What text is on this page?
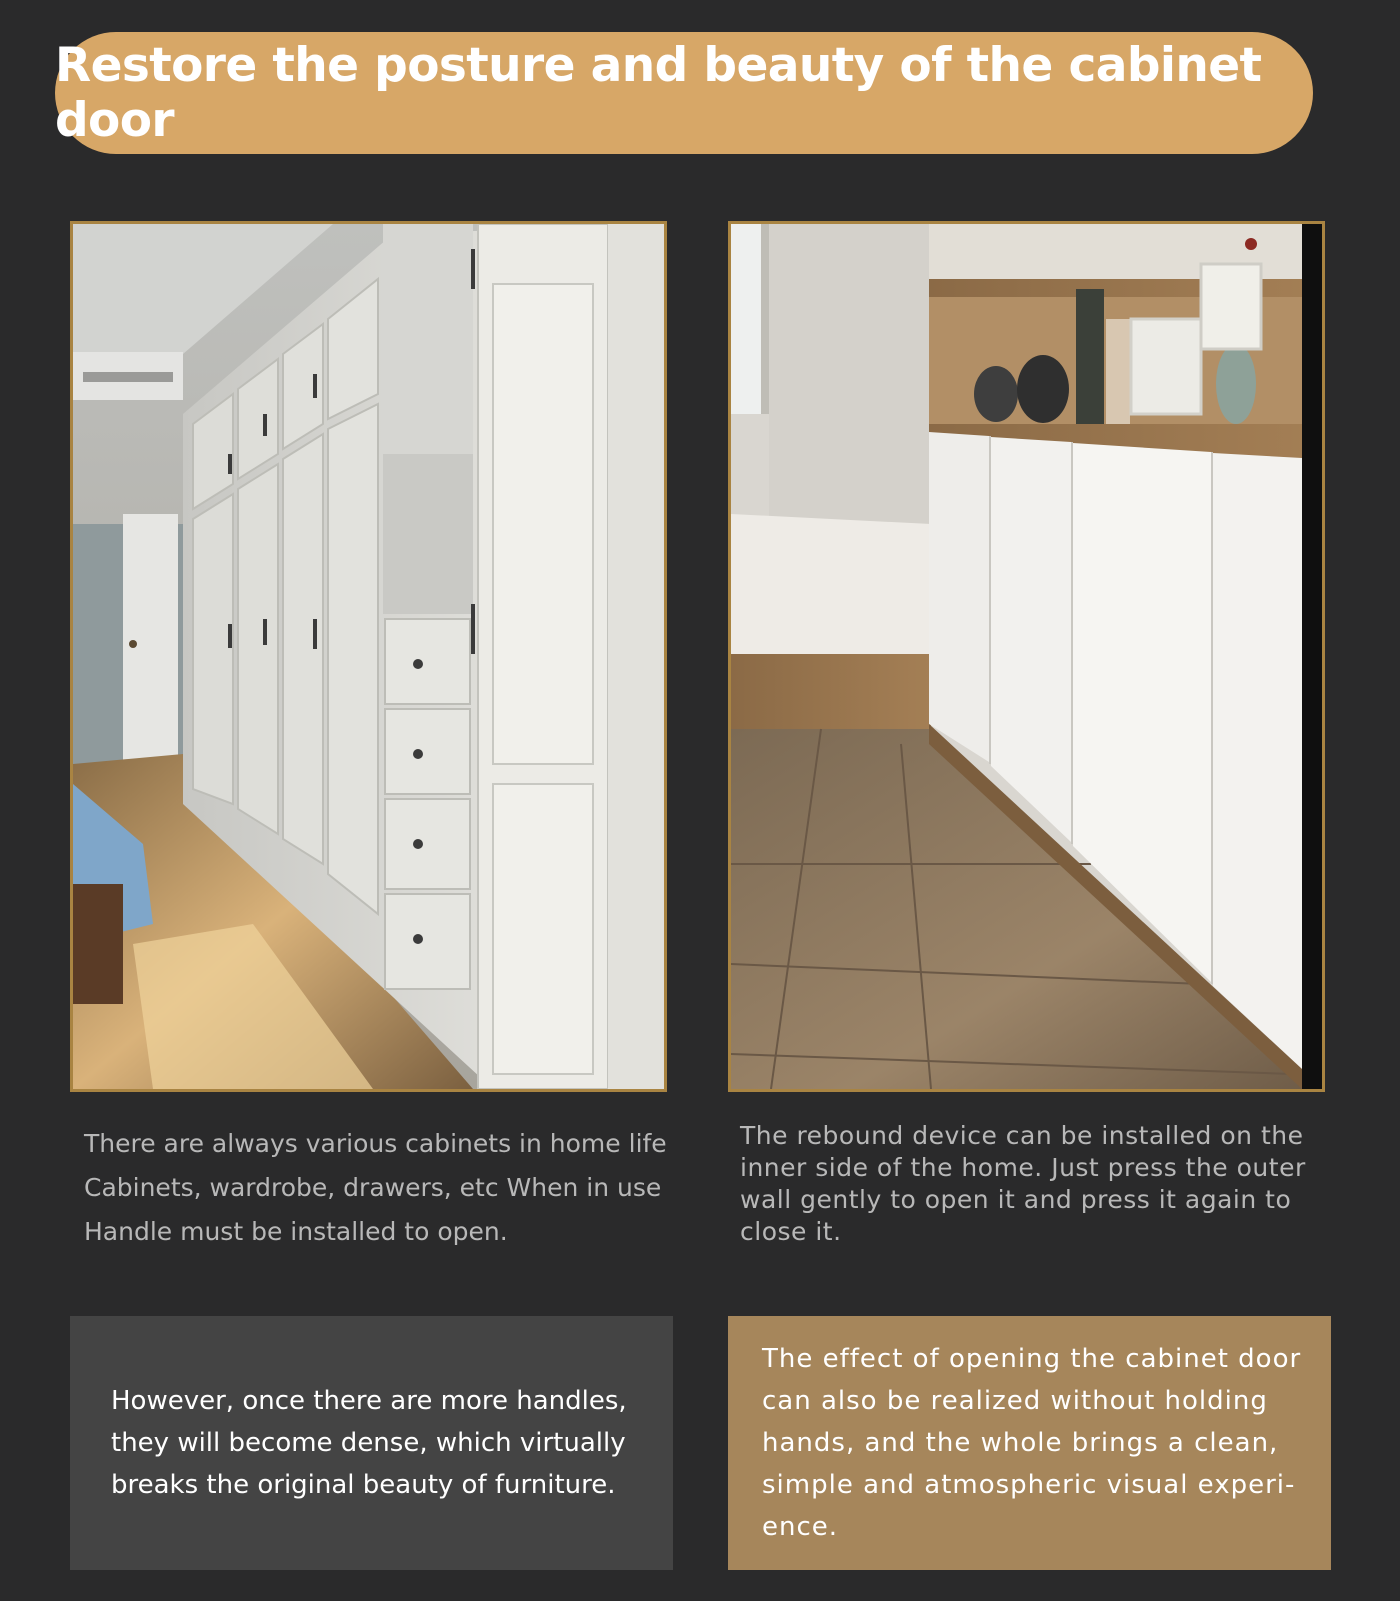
Restore the posture and beauty of the cabinet door
There are always various cabinets in home life
Cabinets, wardrobe, drawers, etc When in use
Handle must be installed to open.
The rebound device can be installed on the inner side of the home. Just press the outer wall gently to open it and press it again to close it.

However, once there are more handles,
they will become dense, which virtually
breaks the original beauty of furniture.

The effect of opening the cabinet door
can also be realized without holding
hands, and the whole brings a clean,
simple and atmospheric visual experi-
ence.
